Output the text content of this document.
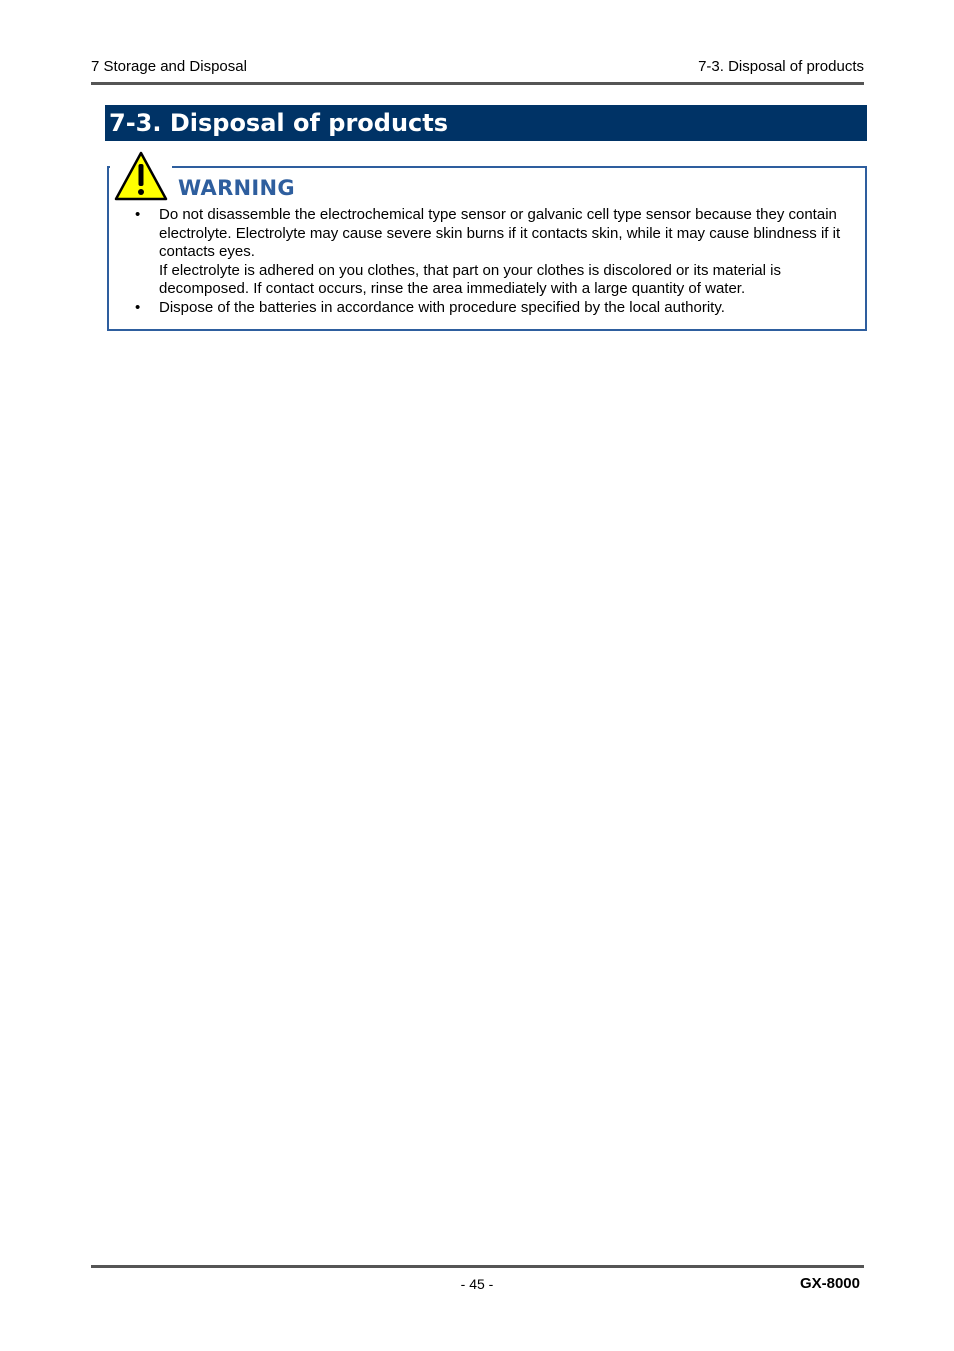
7 Storage and Disposal	7-3. Disposal of products
7-3. Disposal of products
WARNING
• Do not disassemble the electrochemical type sensor or galvanic cell type sensor because they contain electrolyte. Electrolyte may cause severe skin burns if it contacts skin, while it may cause blindness if it contacts eyes.

If electrolyte is adhered on you clothes, that part on your clothes is discolored or its material is decomposed. If contact occurs, rinse the area immediately with a large quantity of water.

• Dispose of the batteries in accordance with procedure specified by the local authority.

- 45 -	GX-8000
